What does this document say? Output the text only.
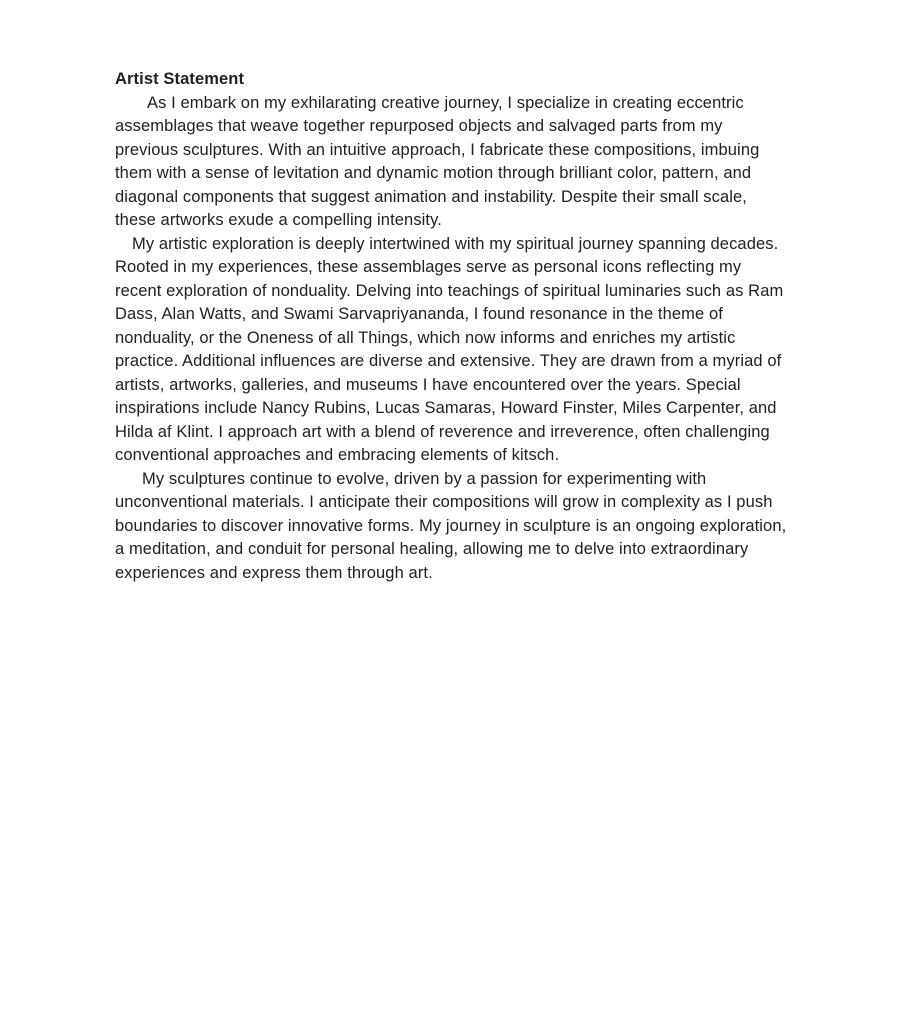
Artist Statement

As I embark on my exhilarating creative journey, I specialize in creating eccentric assemblages that weave together repurposed objects and salvaged parts from my previous sculptures. With an intuitive approach, I fabricate these compositions, imbuing them with a sense of levitation and dynamic motion through brilliant color, pattern, and diagonal components that suggest animation and instability. Despite their small scale, these artworks exude a compelling intensity.

My artistic exploration is deeply intertwined with my spiritual journey spanning decades. Rooted in my experiences, these assemblages serve as personal icons reflecting my recent exploration of nonduality. Delving into teachings of spiritual luminaries such as Ram Dass, Alan Watts, and Swami Sarvapriyananda, I found resonance in the theme of nonduality, or the Oneness of all Things, which now informs and enriches my artistic practice. Additional influences are diverse and extensive. They are drawn from a myriad of artists, artworks, galleries, and museums I have encountered over the years. Special inspirations include Nancy Rubins, Lucas Samaras, Howard Finster, Miles Carpenter, and Hilda af Klint. I approach art with a blend of reverence and irreverence, often challenging conventional approaches and embracing elements of kitsch.

My sculptures continue to evolve, driven by a passion for experimenting with unconventional materials. I anticipate their compositions will grow in complexity as I push boundaries to discover innovative forms. My journey in sculpture is an ongoing exploration, a meditation, and conduit for personal healing, allowing me to delve into extraordinary experiences and express them through art.
